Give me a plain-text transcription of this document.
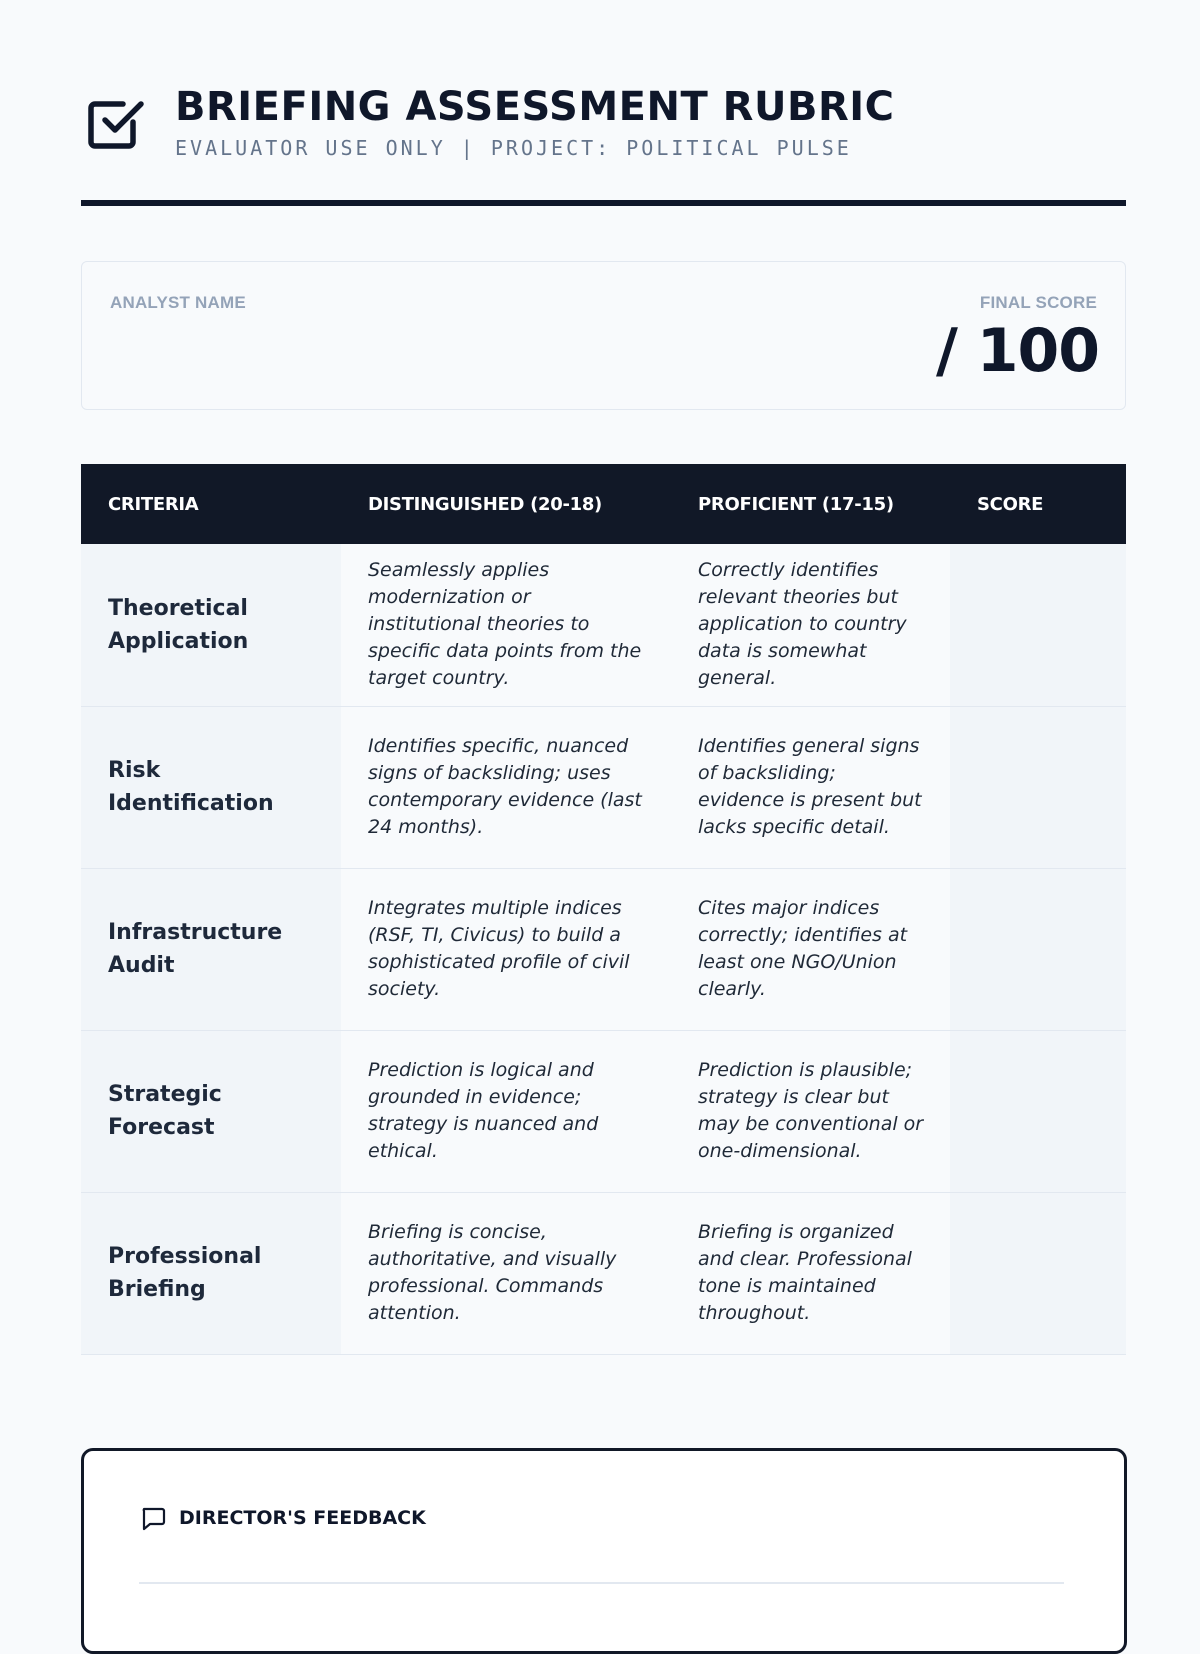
BRIEFING ASSESSMENT RUBRIC
EVALUATOR USE ONLY | PROJECT: POLITICAL PULSE
ANALYST NAME	FINAL SCORE
/ 100
CRITERIA	DISTINGUISHED (20-18)	PROFICIENT (17-15)	SCORE
Theoretical Application	Seamlessly applies modernization or institutional theories to specific data points from the target country.	Correctly identifies relevant theories but application to country data is somewhat general.	
Risk Identification	Identifies specific, nuanced signs of backsliding; uses contemporary evidence (last 24 months).	Identifies general signs of backsliding; evidence is present but lacks specific detail.	
Infrastructure Audit	Integrates multiple indices (RSF, TI, Civicus) to build a sophisticated profile of civil society.	Cites major indices correctly; identifies at least one NGO/Union clearly.	
Strategic Forecast	Prediction is logical and grounded in evidence; strategy is nuanced and ethical.	Prediction is plausible; strategy is clear but may be conventional or one-dimensional.	
Professional Briefing	Briefing is concise, authoritative, and visually professional. Commands attention.	Briefing is organized and clear. Professional tone is maintained throughout.	
DIRECTOR'S FEEDBACK
